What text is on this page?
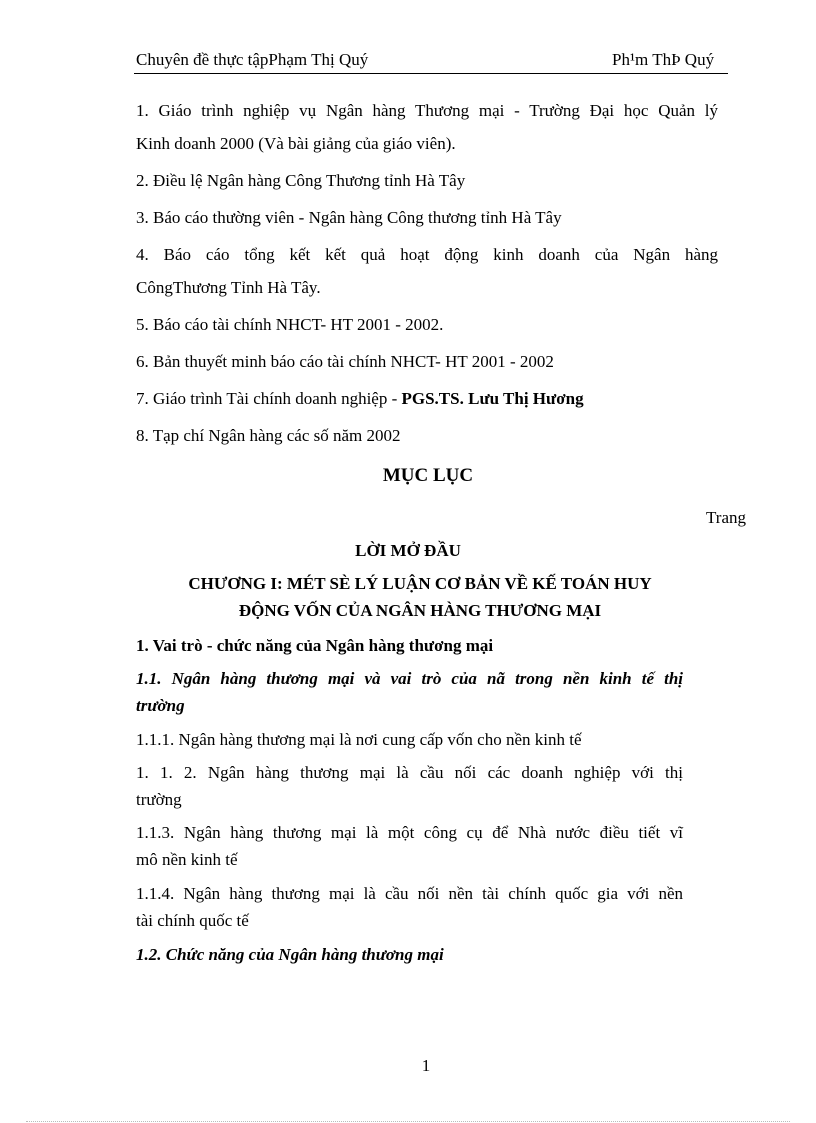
Chuyên đề thực tậpPhạm Thị Quý	Ph¹m ThÞ Quý
1. Giáo trình nghiệp vụ Ngân hàng Thương mại - Trường Đại học Quản lý
Kinh doanh 2000 (Và bài giảng của giáo viên).
2. Điều lệ Ngân hàng Công Thương tỉnh Hà Tây
3. Báo cáo thường viên - Ngân hàng Công thương tỉnh Hà Tây
4. Báo cáo tổng kết kết quả hoạt động kinh doanh của Ngân hàng
CôngThương Tỉnh Hà Tây.
5. Báo cáo tài chính NHCT- HT 2001 - 2002.
6. Bản thuyết minh báo cáo tài chính NHCT- HT 2001 - 2002
7. Giáo trình Tài chính doanh nghiệp - PGS.TS. Lưu Thị Hương
8. Tạp chí Ngân hàng các số năm 2002
MỤC LỤC
Trang
LỜI MỞ ĐẦU
CHƯƠNG I: MÉT SÈ LÝ LUẬN CƠ BẢN VỀ KẾ TOÁN HUY
ĐỘNG VỐN CỦA NGÂN HÀNG THƯƠNG MẠI
1. Vai trò - chức năng của Ngân hàng thương mại
1.1. Ngân hàng thương mại và vai trò của nã trong nền kinh tế thị
trường
1.1.1. Ngân hàng thương mại là nơi cung cấp vốn cho nền kinh tế
1. 1. 2. Ngân hàng thương mại là cầu nối các doanh nghiệp với thị
trường
1.1.3. Ngân hàng thương mại là một công cụ để Nhà nước điều tiết vĩ
mô nền kinh tế
1.1.4. Ngân hàng thương mại là cầu nối nền tài chính quốc gia với nền
tài chính quốc tế
1.2. Chức năng của Ngân hàng thương mại
1
